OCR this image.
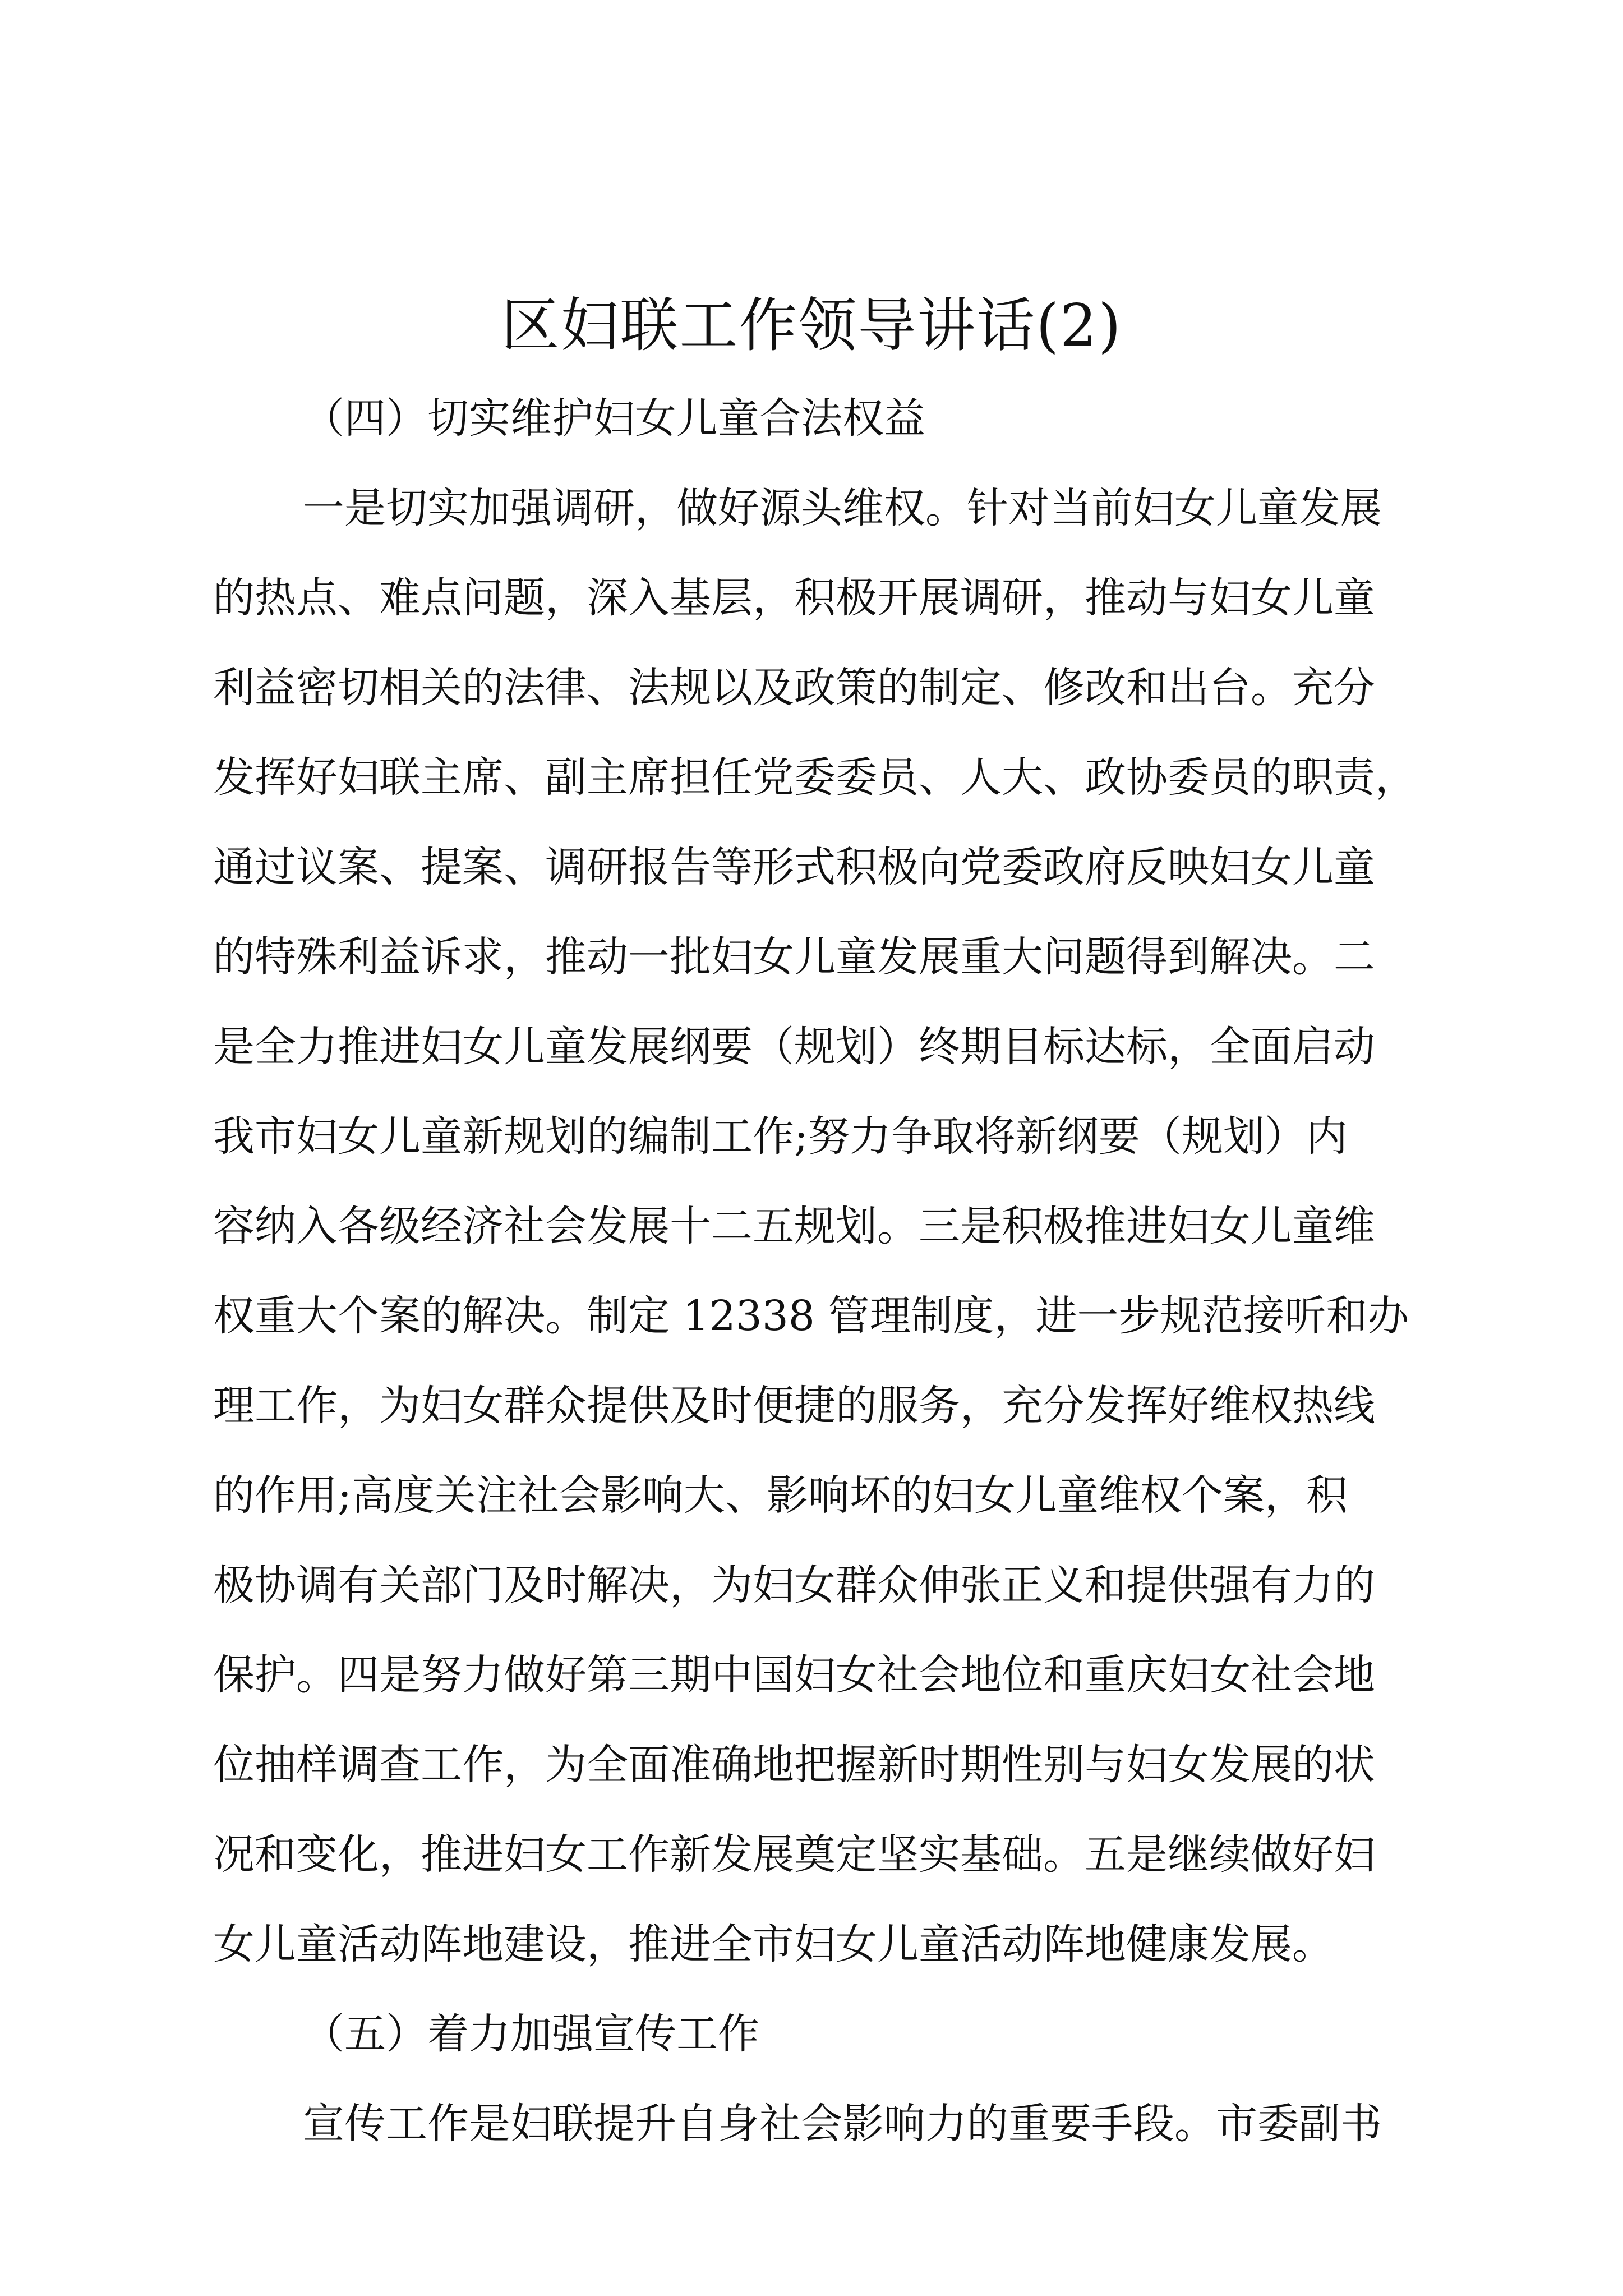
区妇联工作领导讲话(2)
（四）切实维护妇女儿童合法权益
一是切实加强调研，做好源头维权。针对当前妇女儿童发展
的热点、难点问题，深入基层，积极开展调研，推动与妇女儿童
利益密切相关的法律、法规以及政策的制定、修改和出台。充分
发挥好妇联主席、副主席担任党委委员、人大、政协委员的职责，
通过议案、提案、调研报告等形式积极向党委政府反映妇女儿童
的特殊利益诉求，推动一批妇女儿童发展重大问题得到解决。二
是全力推进妇女儿童发展纲要（规划）终期目标达标，全面启动
我市妇女儿童新规划的编制工作;努力争取将新纲要（规划）内
容纳入各级经济社会发展十二五规划。三是积极推进妇女儿童维
权重大个案的解决。制定 12338 管理制度，进一步规范接听和办
理工作，为妇女群众提供及时便捷的服务，充分发挥好维权热线
的作用;高度关注社会影响大、影响坏的妇女儿童维权个案，积
极协调有关部门及时解决，为妇女群众伸张正义和提供强有力的
保护。四是努力做好第三期中国妇女社会地位和重庆妇女社会地
位抽样调查工作，为全面准确地把握新时期性别与妇女发展的状
况和变化，推进妇女工作新发展奠定坚实基础。五是继续做好妇
女儿童活动阵地建设，推进全市妇女儿童活动阵地健康发展。
（五）着力加强宣传工作
宣传工作是妇联提升自身社会影响力的重要手段。市委副书
